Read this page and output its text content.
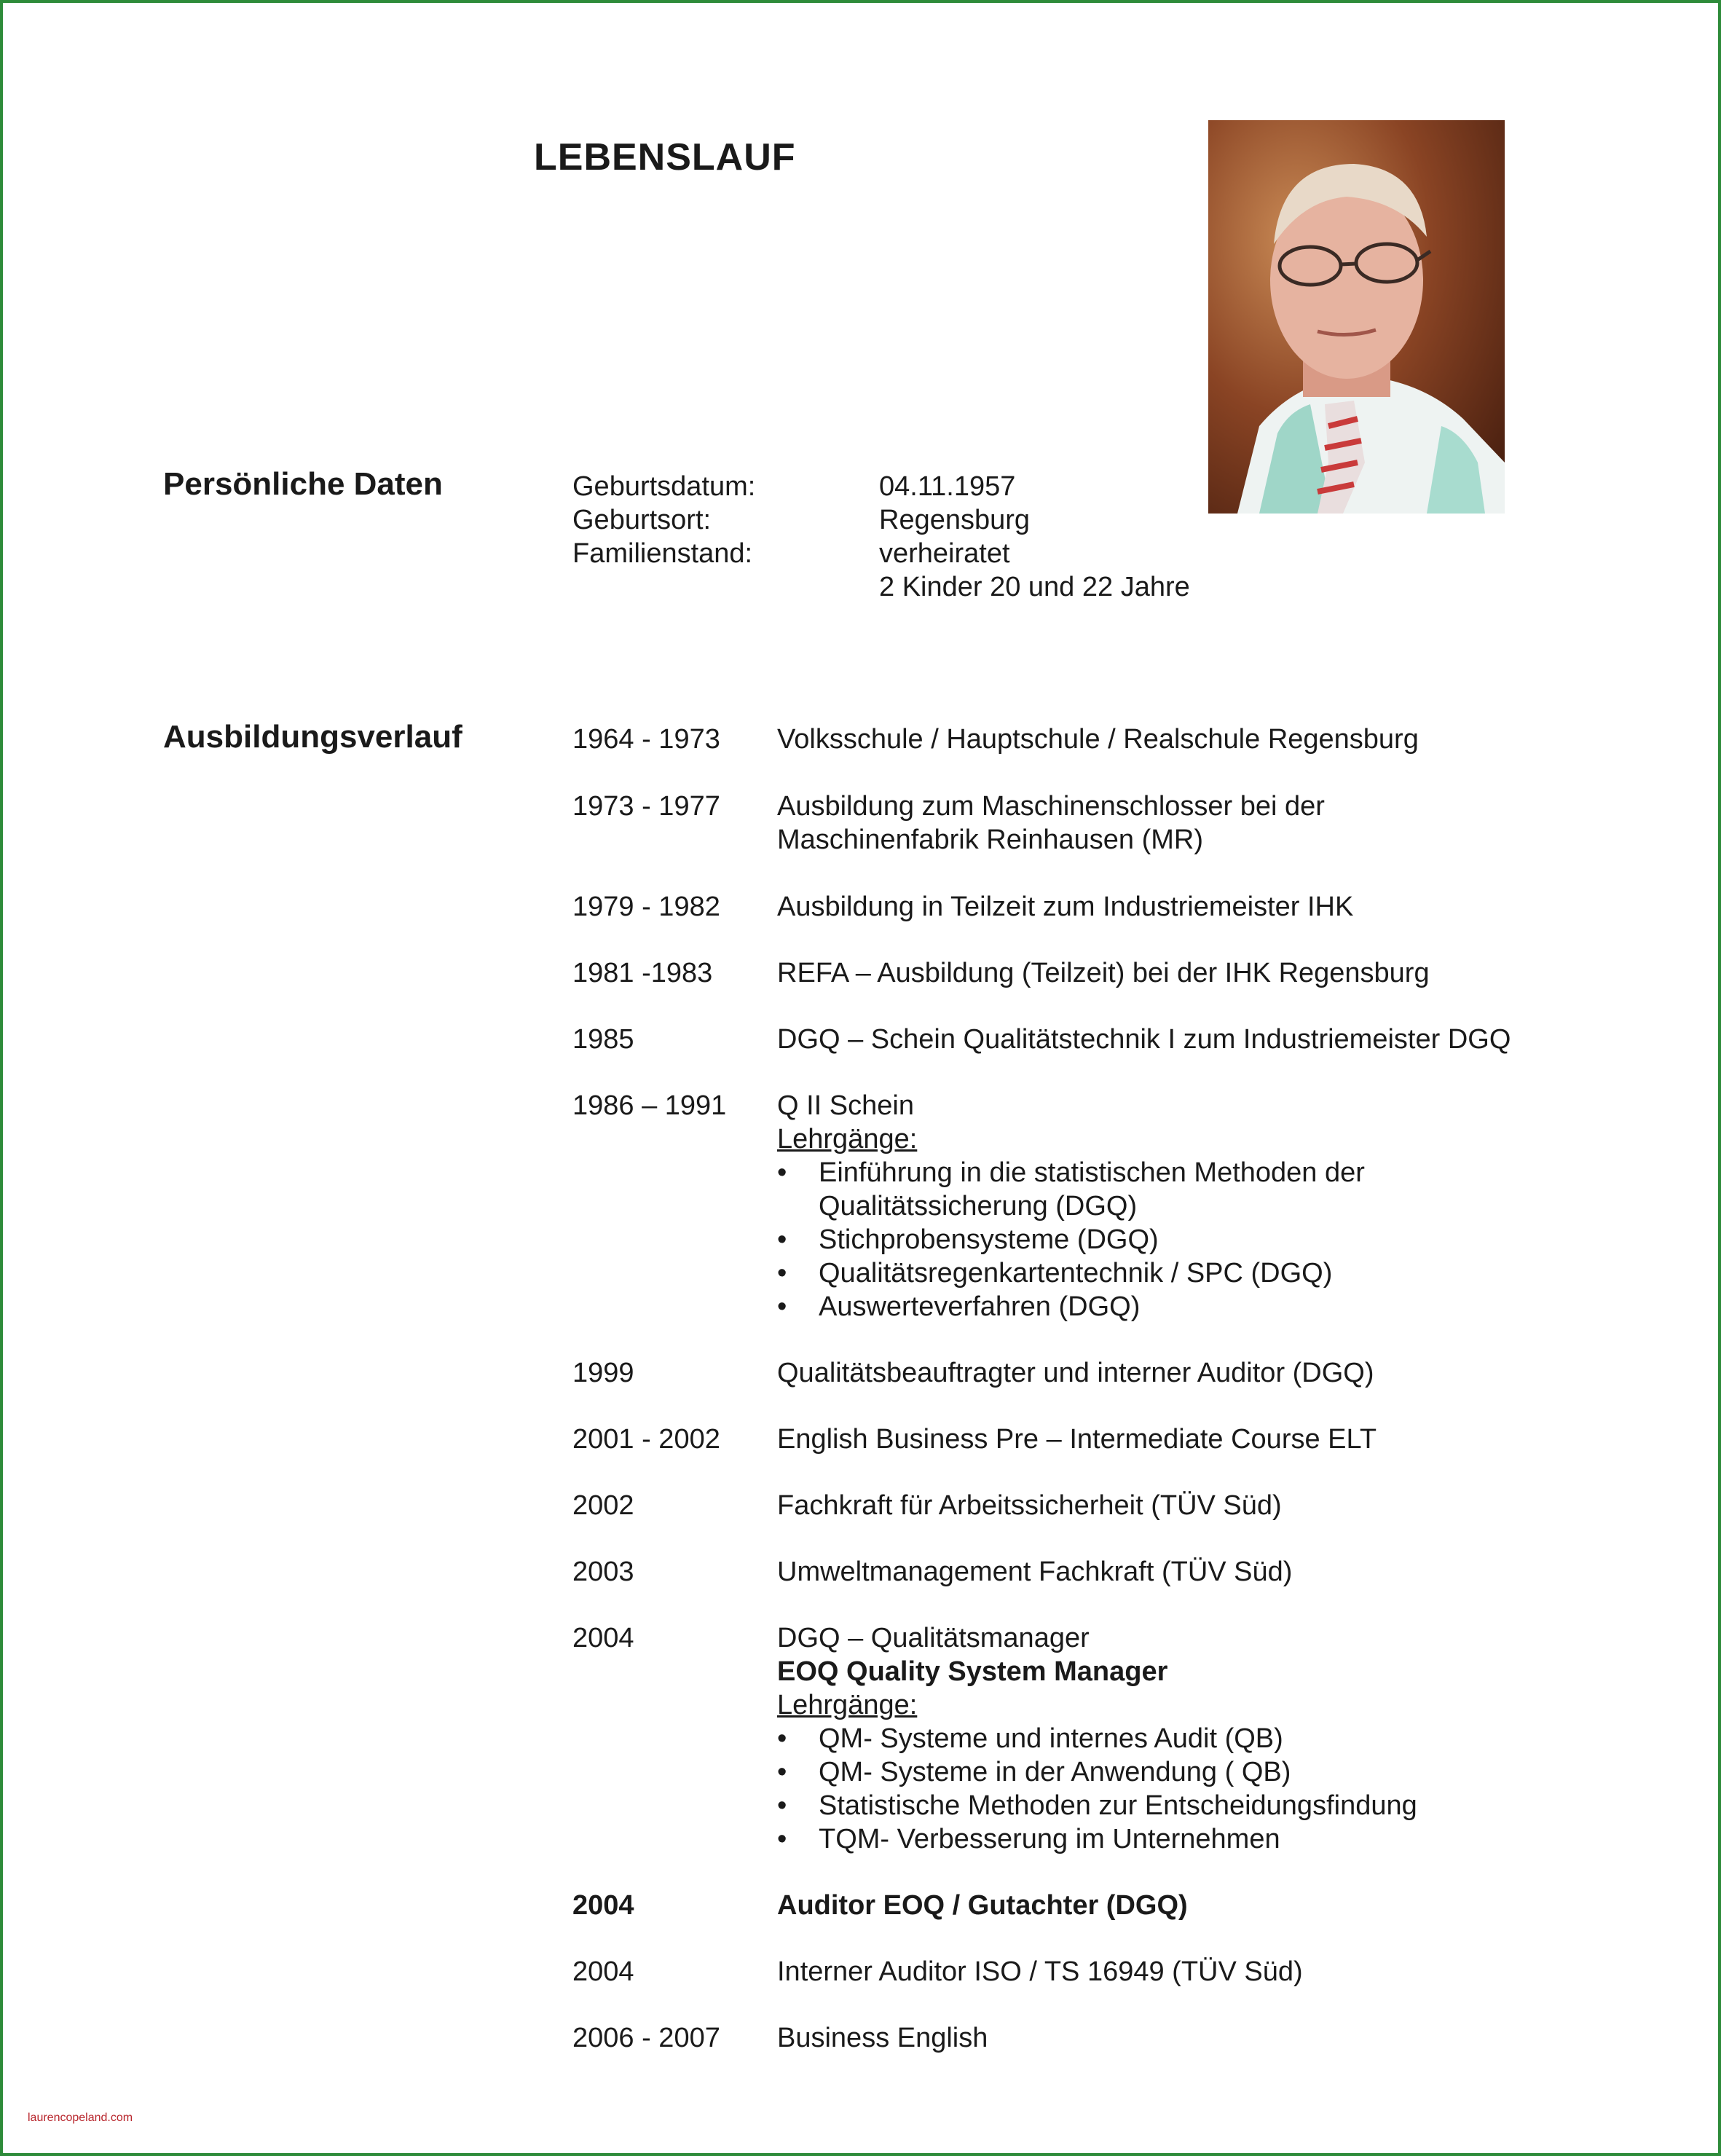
LEBENSLAUF
Persönliche Daten	Geburtsdatum:	04.11.1957
Geburtsort:	Regensburg
Familienstand:	verheiratet
2 Kinder 20 und 22 Jahre
Ausbildungsverlauf	1964 - 1973 Volksschule / Hauptschule / Realschule Regensburg
1973 - 1977 Ausbildung zum Maschinenschlosser bei der
Maschinenfabrik Reinhausen (MR)
1979 - 1982 Ausbildung in Teilzeit zum Industriemeister IHK
1981 -1983 REFA – Ausbildung (Teilzeit) bei der IHK Regensburg
1985	DGQ – Schein Qualitätstechnik I zum Industriemeister DGQ
1986 – 1991 Q II Schein
Lehrgänge:
• Einführung in die statistischen Methoden der
Qualitätssicherung (DGQ)
• Stichprobensysteme (DGQ)
• Qualitätsregenkartentechnik / SPC (DGQ)
• Auswerteverfahren (DGQ)
1999	Qualitätsbeauftragter und interner Auditor (DGQ)
2001 - 2002 English Business Pre – Intermediate Course ELT
2002	Fachkraft für Arbeitssicherheit (TÜV Süd)
2003	Umweltmanagement Fachkraft (TÜV Süd)
2004	DGQ – Qualitätsmanager
EOQ Quality System Manager
Lehrgänge:
• QM- Systeme und internes Audit (QB)
• QM- Systeme in der Anwendung ( QB)
• Statistische Methoden zur Entscheidungsfindung
• TQM- Verbesserung im Unternehmen
2004	Auditor EOQ / Gutachter (DGQ)
2004	Interner Auditor ISO / TS 16949 (TÜV Süd)
2006 - 2007 Business English
laurencopeland.com
